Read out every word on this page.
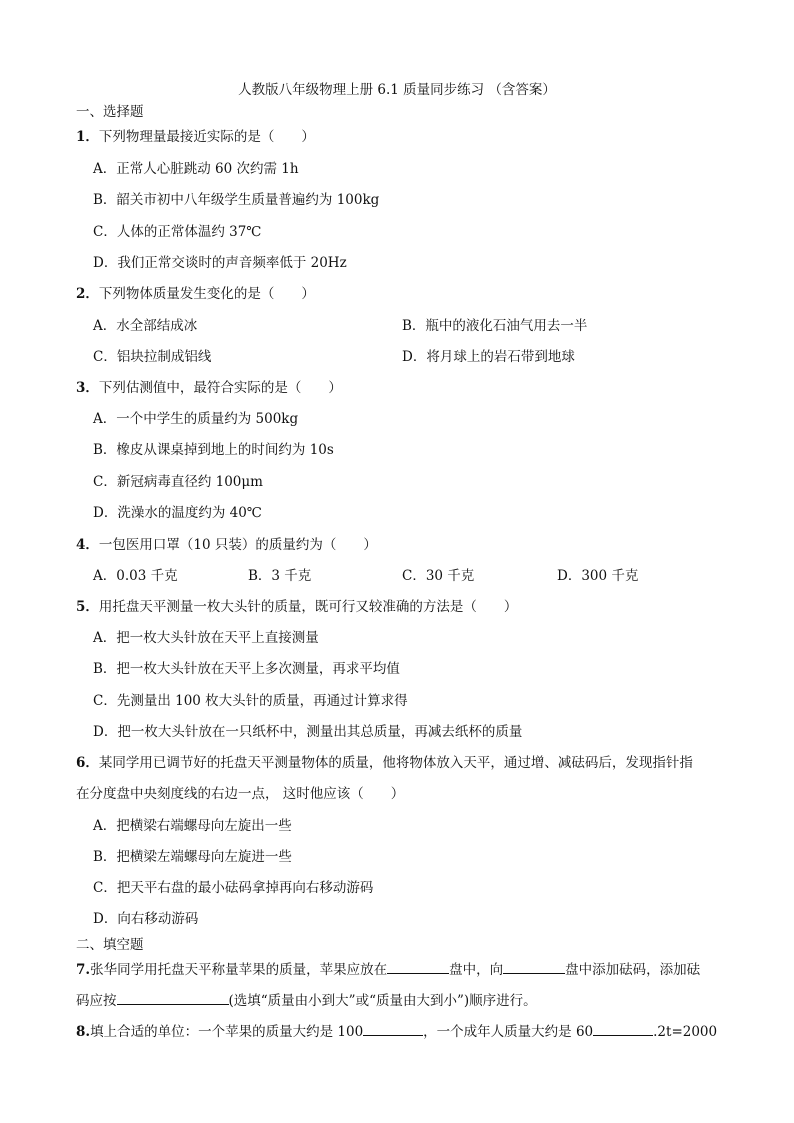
人教版八年级物理上册 6.1 质量同步练习 （含答案）
一、选择题
1．下列物理量最接近实际的是（　　）
A．正常人心脏跳动 60 次约需 1h
B．韶关市初中八年级学生质量普遍约为 100kg
C．人体的正常体温约 37℃
D．我们正常交谈时的声音频率低于 20Hz
2．下列物体质量发生变化的是（　　）
A．水全部结成冰	B．瓶中的液化石油气用去一半
C．铝块拉制成铝线	D．将月球上的岩石带到地球
3．下列估测值中，最符合实际的是（　　）
A．一个中学生的质量约为 500kg
B．橡皮从课桌掉到地上的时间约为 10s
C．新冠病毒直径约 100μm
D．洗澡水的温度约为 40℃
4．一包医用口罩（10 只装）的质量约为（　　）
A．0.03 千克	B．3 千克	C．30 千克	D．300 千克
5．用托盘天平测量一枚大头针的质量，既可行又较准确的方法是（　　）
A．把一枚大头针放在天平上直接测量
B．把一枚大头针放在天平上多次测量，再求平均值
C．先测量出 100 枚大头针的质量，再通过计算求得
D．把一枚大头针放在一只纸杯中，测量出其总质量，再减去纸杯的质量
6．某同学用已调节好的托盘天平测量物体的质量，他将物体放入天平，通过增、减砝码后，发现指针指
在分度盘中央刻度线的右边一点， 这时他应该（　　）
A．把横梁右端螺母向左旋出一些
B．把横梁左端螺母向左旋进一些
C．把天平右盘的最小砝码拿掉再向右移动游码
D．向右移动游码
二、填空题
7.张华同学用托盘天平称量苹果的质量，苹果应放在	盘中，向	盘中添加砝码，添加砝
码应按	(选填“质量由小到大”或“质量由大到小”)顺序进行。
8.填上合适的单位：一个苹果的质量大约是 100	，一个成年人质量大约是 60	.2t=2000
